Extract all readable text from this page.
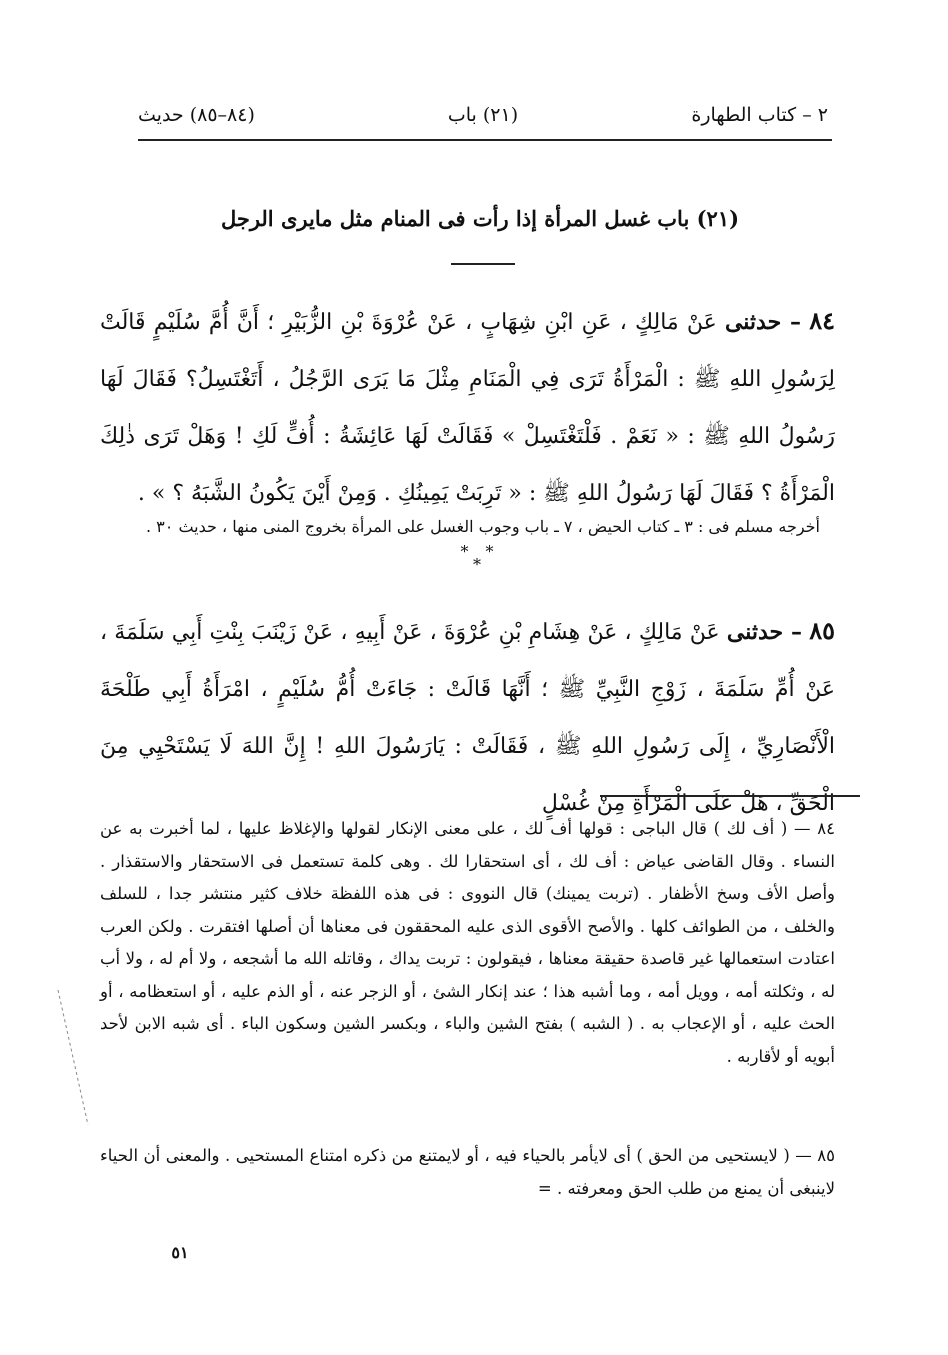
٢ – كتاب الطهارة
(٢١) باب
(٨٤–٨٥) حديث
(٢١) باب غسل المرأة إذا رأت فى المنام مثل مايرى الرجل
٨٤ – حدثنى عَنْ مَالِكٍ ، عَنِ ابْنِ شِهَابٍ ، عَنْ عُرْوَةَ بْنِ الزُّبَيْرِ ؛ أَنَّ أُمَّ سُلَيْمٍ قَالَتْ لِرَسُولِ اللهِ ﷺ : الْمَرْأَةُ تَرَى فِي الْمَنَامِ مِثْلَ مَا يَرَى الرَّجُلُ ، أَتَغْتَسِلُ؟ فَقَالَ لَهَا رَسُولُ اللهِ ﷺ : « نَعَمْ . فَلْتَغْتَسِلْ » فَقَالَتْ لَهَا عَائِشَةُ : أُفٍّ لَكِ ! وَهَلْ تَرَى ذٰلِكَ الْمَرْأَةُ ؟ فَقَالَ لَهَا رَسُولُ اللهِ ﷺ : « تَرِبَتْ يَمِينُكِ . وَمِنْ أَيْنَ يَكُونُ الشَّبَهُ ؟ » .
أخرجه مسلم فى : ٣ ـ كتاب الحيض ، ٧ ـ باب وجوب الغسل على المرأة بخروج المنى منها ، حديث ٣٠ .
* * *
٨٥ – حدثنى عَنْ مَالِكٍ ، عَنْ هِشَامِ بْنِ عُرْوَةَ ، عَنْ أَبِيهِ ، عَنْ زَيْنَبَ بِنْتِ أَبِي سَلَمَةَ ، عَنْ أُمِّ سَلَمَةَ ، زَوْجِ النَّبِيِّ ﷺ ؛ أَنَّهَا قَالَتْ : جَاءَتْ أُمُّ سُلَيْمٍ ، امْرَأَةُ أَبِي طَلْحَةَ الْأَنْصَارِيِّ ، إِلَى رَسُولِ اللهِ ﷺ ، فَقَالَتْ : يَارَسُولَ اللهِ ! إِنَّ اللهَ لَا يَسْتَحْيِي مِنَ الْحَقِّ ، هَلْ عَلَى الْمَرْأَةِ مِنْ غُسْلٍ
٨٤ — ( أف لك ) قال الباجى : قولها أف لك ، على معنى الإنكار لقولها والإغلاظ عليها ، لما أخبرت به عن النساء . وقال القاضى عياض : أف لك ، أى استحقارا لك . وهى كلمة تستعمل فى الاستحقار والاستقذار . وأصل الأف وسخ الأظفار . (تربت يمينك) قال النووى : فى هذه اللفظة خلاف كثير منتشر جدا ، للسلف والخلف ، من الطوائف كلها . والأصح الأقوى الذى عليه المحققون فى معناها أن أصلها افتقرت . ولكن العرب اعتادت استعمالها غير قاصدة حقيقة معناها ، فيقولون : تربت يداك ، وقاتله الله ما أشجعه ، ولا أم له ، ولا أب له ، وثكلته أمه ، وويل أمه ، وما أشبه هذا ؛ عند إنكار الشئ ، أو الزجر عنه ، أو الذم عليه ، أو استعظامه ، أو الحث عليه ، أو الإعجاب به . ( الشبه ) بفتح الشين والباء ، وبكسر الشين وسكون الباء . أى شبه الابن لأحد أبويه أو لأقاربه .
٨٥ — ( لايستحيى من الحق ) أى لايأمر بالحياء فيه ، أو لايمتنع من ذكره امتناع المستحيى . والمعنى أن الحياء لاينبغى أن يمنع من طلب الحق ومعرفته . =
٥١
